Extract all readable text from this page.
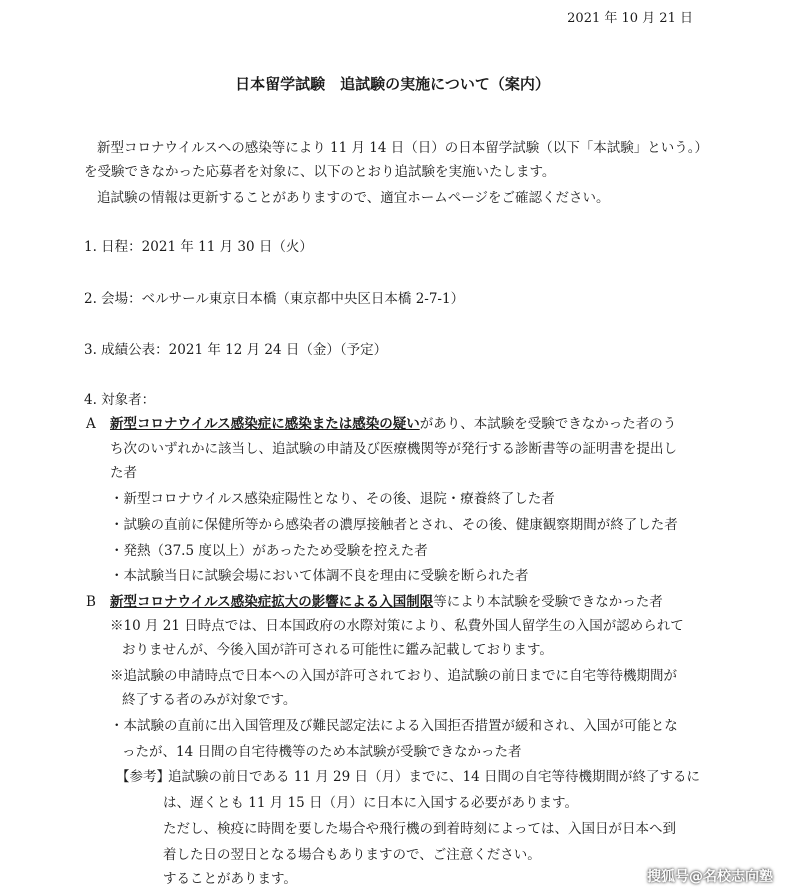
2021 年 10 月 21 日
日本留学試験　追試験の実施について（案内）
新型コロナウイルスへの感染等により 11 月 14 日（日）の日本留学試験（以下「本試験」という。）
を受験できなかった応募者を対象に、以下のとおり追試験を実施いたします。
追試験の情報は更新することがありますので、適宜ホームページをご確認ください。
1. 日程：2021 年 11 月 30 日（火）
2. 会場：ベルサール東京日本橋（東京都中央区日本橋 2-7-1）
3. 成績公表：2021 年 12 月 24 日（金）（予定）
4. 対象者：
A 新型コロナウイルス感染症に感染または感染の疑いがあり、本試験を受験できなかった者のう
ち次のいずれかに該当し、追試験の申請及び医療機関等が発行する診断書等の証明書を提出し
た者
・新型コロナウイルス感染症陽性となり、その後、退院・療養終了した者
・試験の直前に保健所等から感染者の濃厚接触者とされ、その後、健康観察期間が終了した者
・発熱（37.5 度以上）があったため受験を控えた者
・本試験当日に試験会場において体調不良を理由に受験を断られた者
B 新型コロナウイルス感染症拡大の影響による入国制限等により本試験を受験できなかった者
※10 月 21 日時点では、日本国政府の水際対策により、私費外国人留学生の入国が認められて
おりませんが、今後入国が許可される可能性に鑑み記載しております。
※追試験の申請時点で日本への入国が許可されており、追試験の前日までに自宅等待機期間が
終了する者のみが対象です。
・本試験の直前に出入国管理及び難民認定法による入国拒否措置が緩和され、入国が可能とな
ったが、14 日間の自宅待機等のため本試験が受験できなかった者
【参考】
追試験の前日である 11 月 29 日（月）までに、14 日間の自宅等待機期間が終了するに
は、遅くとも 11 月 15 日（月）に日本に入国する必要があります。
ただし、検疫に時間を要した場合や飛行機の到着時刻によっては、入国日が日本へ到
着した日の翌日となる場合もありますので、ご注意ください。
することがあります。	搜狐号@名校志向塾
